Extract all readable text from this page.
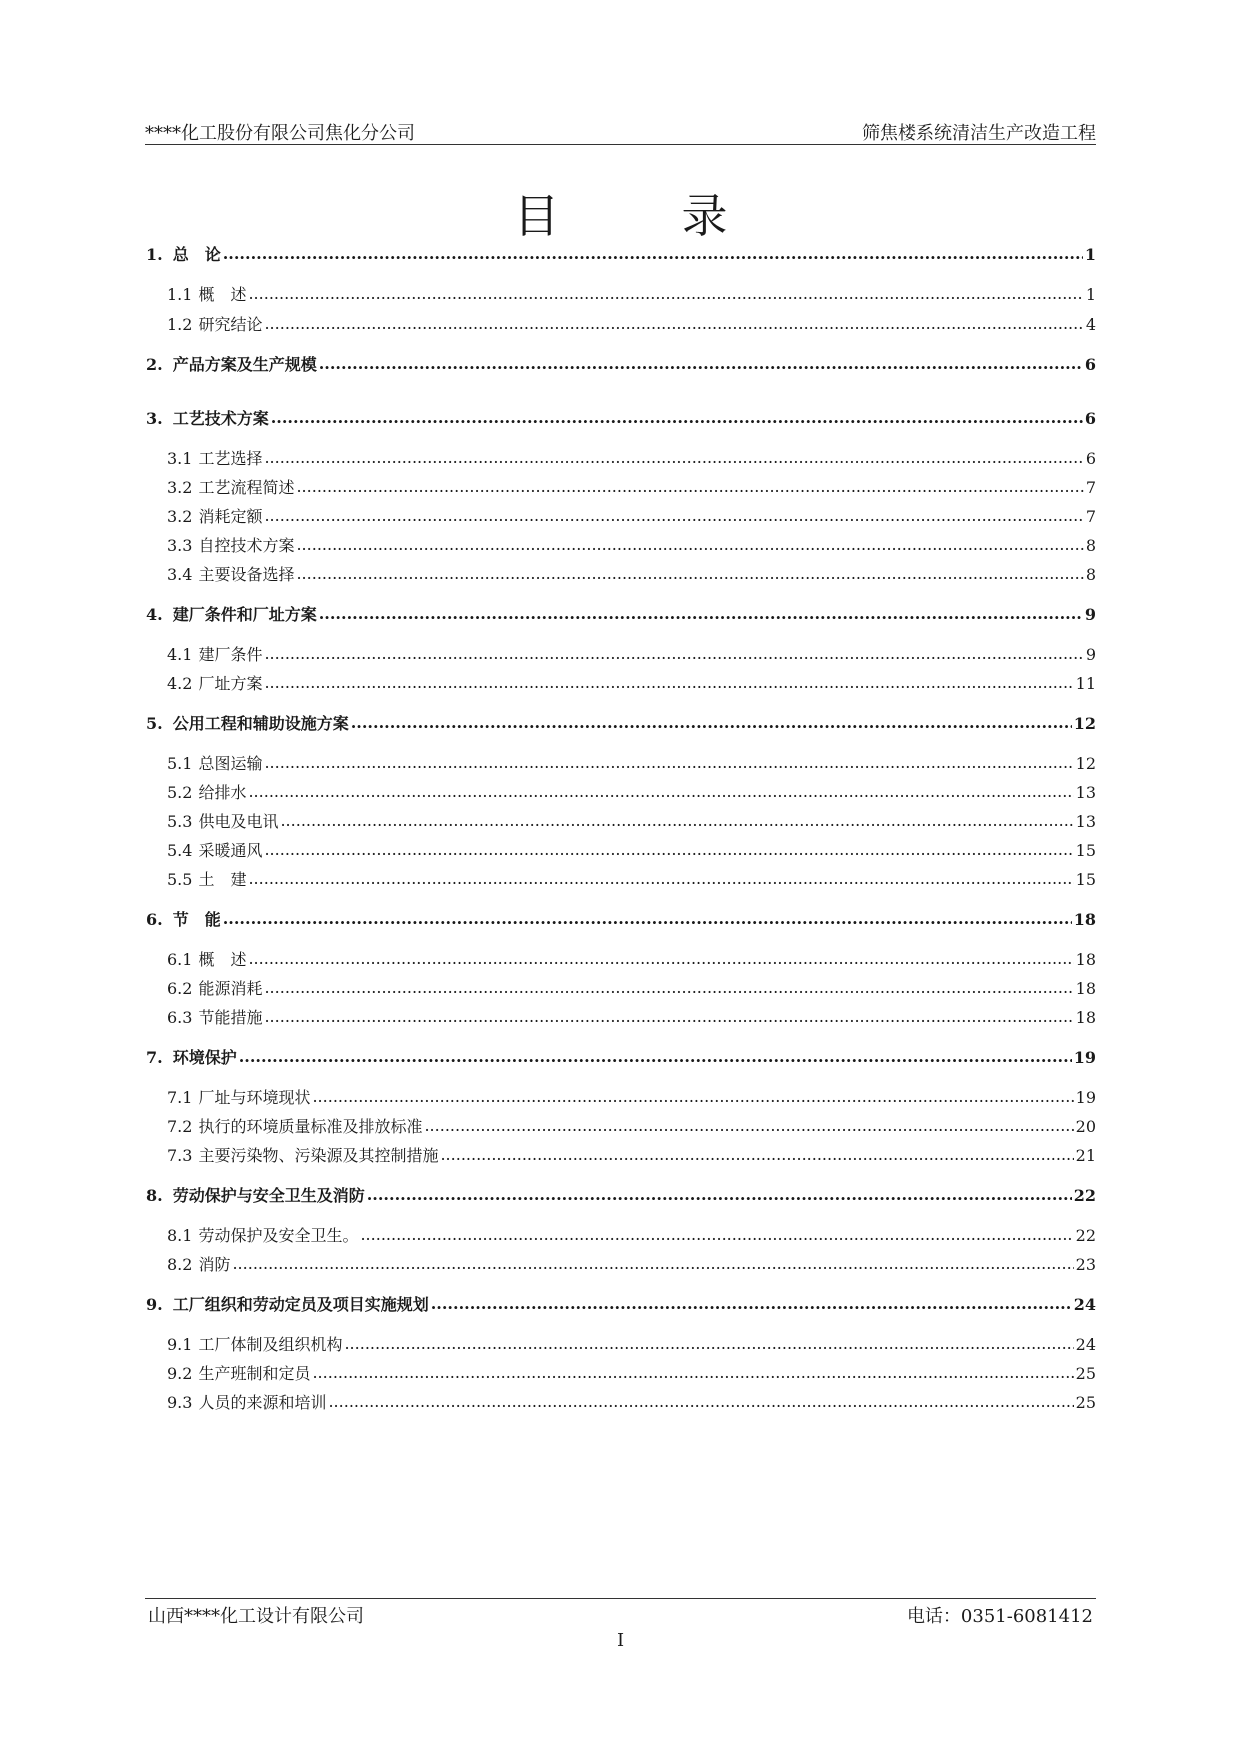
****化工股份有限公司焦化分公司	筛焦楼系统清洁生产改造工程
目　录
1. 总　论 .....	1
1.1 概　述 .....	1
1.2 研究结论 .....	4
2. 产品方案及生产规模 .....	6
3. 工艺技术方案 .....	6
3.1 工艺选择 .....	6
3.2 工艺流程简述 .....	7
3.2 消耗定额 .....	7
3.3 自控技术方案 .....	8
3.4 主要设备选择 .....	8
4. 建厂条件和厂址方案 .....	9
4.1 建厂条件 .....	9
4.2 厂址方案 .....	11
5. 公用工程和辅助设施方案 .....	12
5.1 总图运输 .....	12
5.2 给排水 .....	13
5.3 供电及电讯 .....	13
5.4 采暖通风 .....	15
5.5 土　建 .....	15
6. 节　能 .....	18
6.1 概　述 .....	18
6.2 能源消耗 .....	18
6.3 节能措施 .....	18
7. 环境保护 .....	19
7.1 厂址与环境现状 .....	19
7.2 执行的环境质量标准及排放标准 .....	20
7.3 主要污染物、污染源及其控制措施 .....	21
8. 劳动保护与安全卫生及消防 .....	22
8.1 劳动保护及安全卫生。 .....	22
8.2 消防 .....	23
9. 工厂组织和劳动定员及项目实施规划 .....	24
9.1 工厂体制及组织机构 .....	24
9.2 生产班制和定员 .....	25
9.3 人员的来源和培训 .....	25
山西****化工设计有限公司	电话：0351-6081412
I
